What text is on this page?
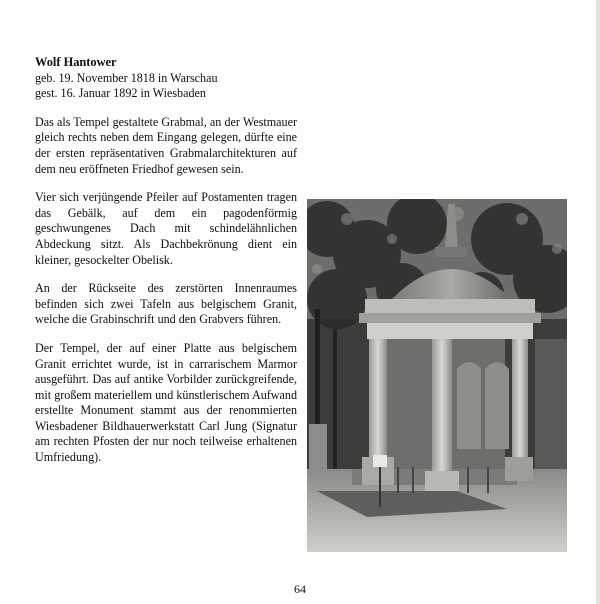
Wolf Hantower
geb. 19. November 1818 in Warschau
gest. 16. Januar 1892 in Wiesbaden

Das als Tempel gestaltete Grabmal, an der Westmauer gleich rechts neben dem Eingang gelegen, dürfte eine der ersten repräsentativen Grabmalarchitekturen auf dem neu eröffneten Friedhof gewesen sein.

Vier sich verjüngende Pfeiler auf Postamenten tragen das Gebälk, auf dem ein pagodenförmig geschwungenes Dach mit schindelähnlichen Abdeckung sitzt. Als Dachbekrönung dient ein kleiner, gesockelter Obelisk.

An der Rückseite des zerstörten Innenraumes befinden sich zwei Tafeln aus belgischem Granit, welche die Grabinschrift und den Grabvers führen.

Der Tempel, der auf einer Platte aus belgischem Granit errichtet wurde, ist in carrarischem Marmor ausgeführt. Das auf antike Vorbilder zurückgreifende, mit großem materiellem und künstlerischem Aufwand erstellte Monument stammt aus der renommierten Wiesbadener Bildhauerwerkstatt Carl Jung (Signatur am rechten Pfosten der nur noch teilweise erhaltenen Umfriedung).

64
